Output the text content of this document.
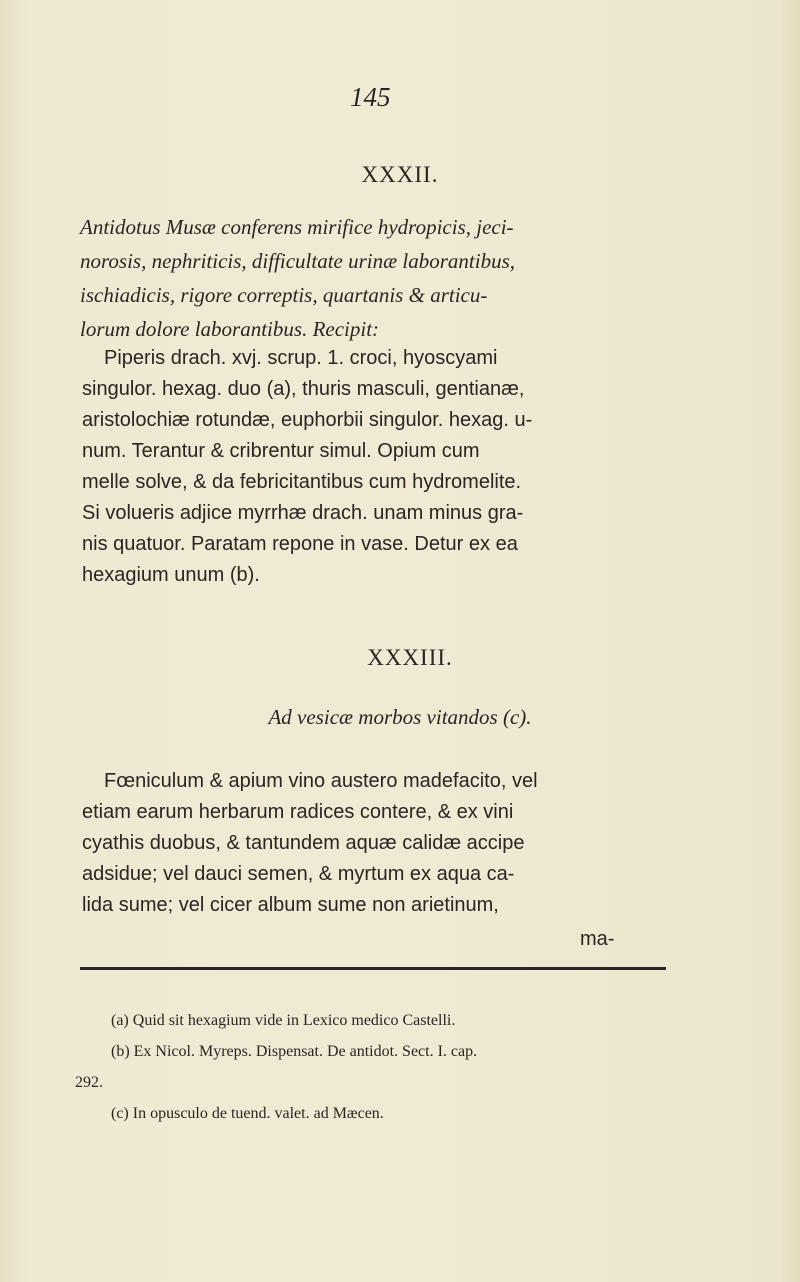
145
XXXII.
Antidotus Musæ conferens mirifice hydropicis, jeci-
norosis, nephriticis, difficultate urinæ laborantibus,
ischiadicis, rigore correptis, quartanis & articu-
lorum dolore laborantibus. Recipit:
Piperis drach. xvj. scrup. 1. croci, hyoscyami
singulor. hexag. duo (a), thuris masculi, gentianæ,
aristolochiæ rotundæ, euphorbii singulor. hexag. u-
num. Terantur & cribrentur simul. Opium cum
melle solve, & da febricitantibus cum hydromelite.
Si volueris adjice myrrhæ drach. unam minus gra-
nis quatuor. Paratam repone in vase. Detur ex ea
hexagium unum (b).
XXXIII.
Ad vesicæ morbos vitandos (c).
Fœniculum & apium vino austero madefacito, vel
etiam earum herbarum radices contere, & ex vini
cyathis duobus, & tantundem aquæ calidæ accipe
adsidue; vel dauci semen, & myrtum ex aqua ca-
lida sume; vel cicer album sume non arietinum,
ma-
(a) Quid sit hexagium vide in Lexico medico Castelli.
(b) Ex Nicol. Myreps. Dispensat. De antidot. Sect. I. cap.
292.
(c) In opusculo de tuend. valet. ad Mæcen.
